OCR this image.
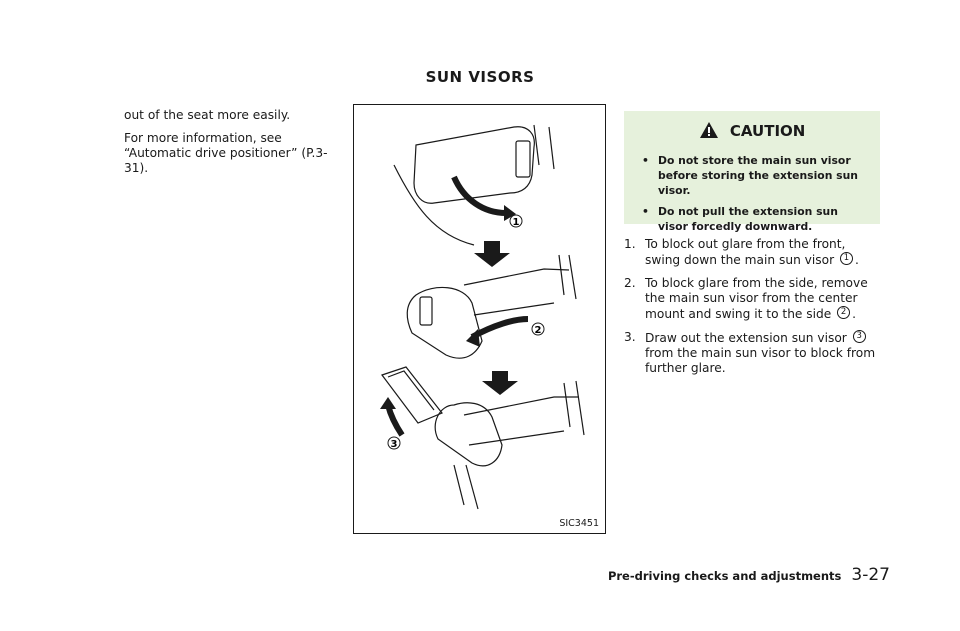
SUN VISORS

out of the seat more easily.

For more information, see “Automatic drive positioner” (P.3-31).

1
2
3
SIC3451
CAUTION
• Do not store the main sun visor before storing the extension sun visor.
• Do not pull the extension sun visor forcedly downward.
1. To block out glare from the front, swing down the main sun visor 1 .
2. To block glare from the side, remove the main sun visor from the center mount and swing it to the side 2 .
3. Draw out the extension sun visor 3 from the main sun visor to block from further glare.
Pre-driving checks and adjustments 3-27
